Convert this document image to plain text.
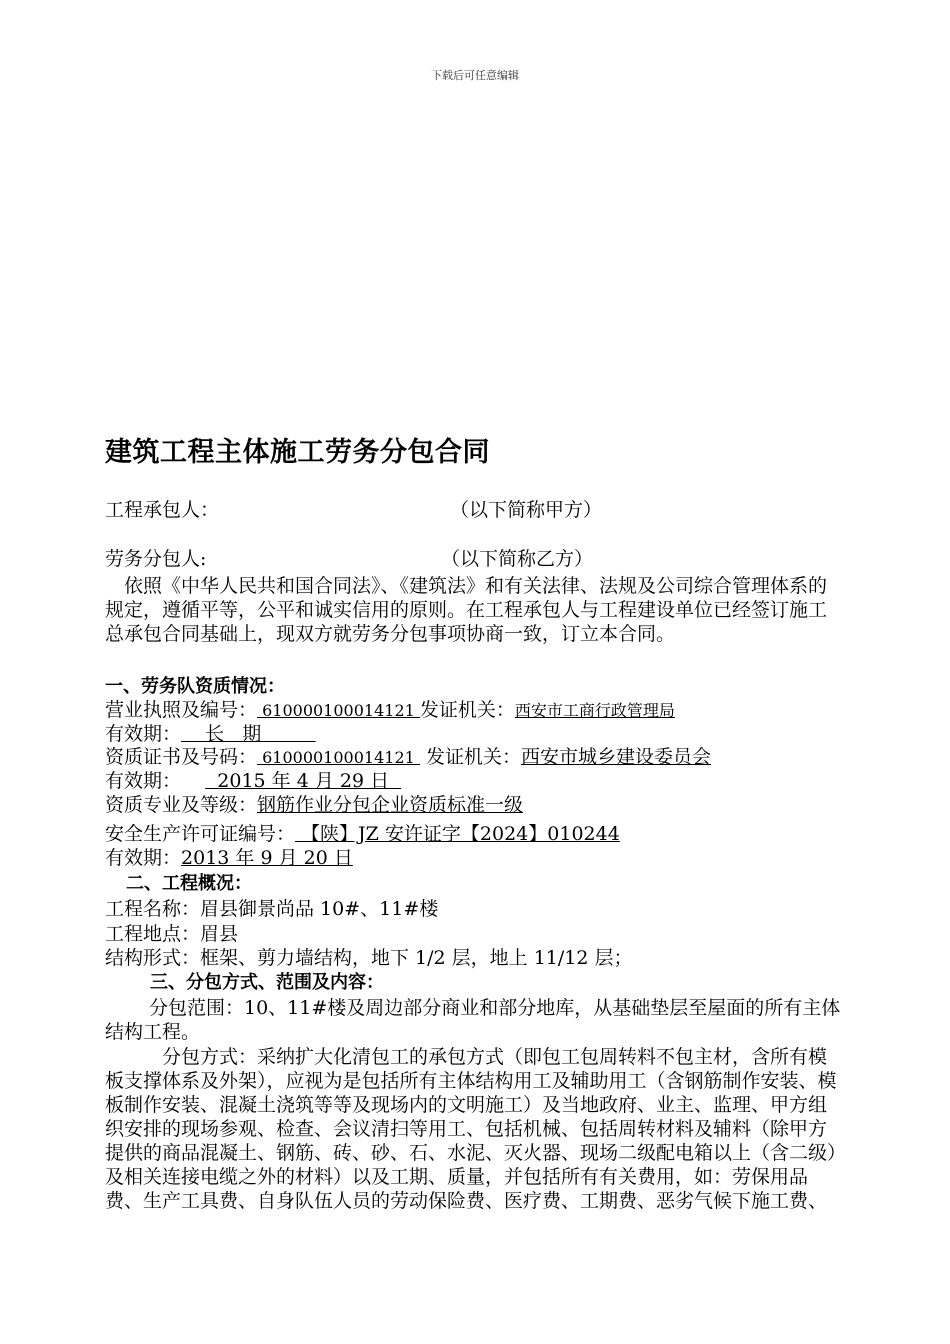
下载后可任意编辑
建筑工程主体施工劳务分包合同
工程承包人：	（以下简称甲方）
劳务分包人:	（以下简称乙方）
依照《中华人民共和国合同法》、《建筑法》和有关法律、法规及公司综合管理体系的规定，遵循平等，公平和诚实信用的原则。在工程承包人与工程建设单位已经签订施工总承包合同基础上，现双方就劳务分包事项协商一致，订立本合同。
一、劳务队资质情况：
营业执照及编号： 610000100014121 发证机关：西安市工商行政管理局
有效期：    长   期
资质证书及号码： 610000100014121  发证机关：西安市城乡建设委员会
有效期：      2015 年 4 月 29 日
资质专业及等级：钢筋作业分包企业资质标准一级
安全生产许可证编号： 【陕】JZ 安许证字【2024】010244
有效期：2013 年 9 月 20 日
二、工程概况：
工程名称：眉县御景尚品 10#、11#楼
工程地点：眉县
结构形式：框架、剪力墙结构，地下 1/2 层，地上 11/12 层；
三、分包方式、范围及内容：
分包范围：10、11#楼及周边部分商业和部分地库，从基础垫层至屋面的所有主体结构工程。
分包方式：采纳扩大化清包工的承包方式（即包工包周转料不包主材，含所有模板支撑体系及外架），应视为是包括所有主体结构用工及辅助用工（含钢筋制作安装、模板制作安装、混凝土浇筑等等及现场内的文明施工）及当地政府、业主、监理、甲方组织安排的现场参观、检查、会议清扫等用工、包括机械、包括周转材料及辅料（除甲方提供的商品混凝土、钢筋、砖、砂、石、水泥、灭火器、现场二级配电箱以上（含二级）及相关连接电缆之外的材料）以及工期、质量，并包括所有有关费用，如：劳保用品费、生产工具费、自身队伍人员的劳动保险费、医疗费、工期费、恶劣气候下施工费、
